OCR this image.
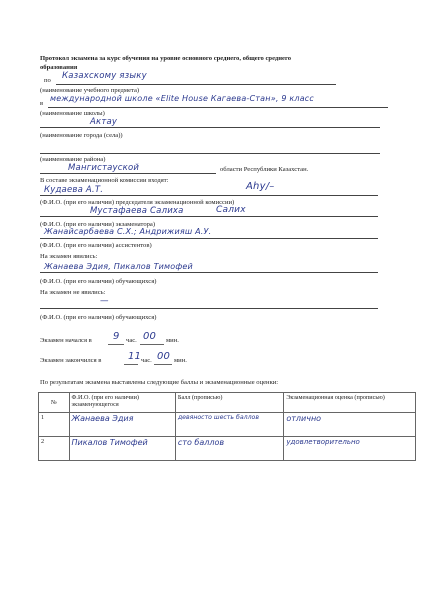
Протокол экзамена за курс обучения на уровне основного среднего, общего среднего
образования
по Казахскому языку
(наименование учебного предмета)
в
международной школе «Elite House Кагаева-Стан», 9 класс
(наименование школы)
Актау
(наименование города (села))
(наименование района)
Мангистауской	области Республики Казахстан.
В составе экзаменационной комиссии входят:
Кудаева А.Т.	Ahy/–
(Ф.И.О. (при его наличии) председателя экзаменационной комиссии)
Мустафаева Салиха	Салих
(Ф.И.О. (при его наличии) экзаменатора)
Жанайсарбаева С.Х.; Андрижияш А.У.
(Ф.И.О. (при его наличии) ассистентов)
На экзамен явились:
Жанаева Эдия, Пикалов Тимофей
(Ф.И.О. (при его наличии) обучающихся)
На экзамен не явились:
—
(Ф.И.О. (при его наличии) обучающихся)
Экзамен начался в 9 час. 00 мин.
Экзамен закончился в	11 час. 00 мин.
По результатам экзамена выставлены следующие баллы и экзаменационные оценки:
№	Ф.И.О. (при его наличии) экзаменующегося	Балл (прописью)	Экзаменационная оценка (прописью)
1	Жанаева Эдия	девяносто шесть баллов	отлично
2	Пикалов Тимофей	сто баллов	удовлетворительно
